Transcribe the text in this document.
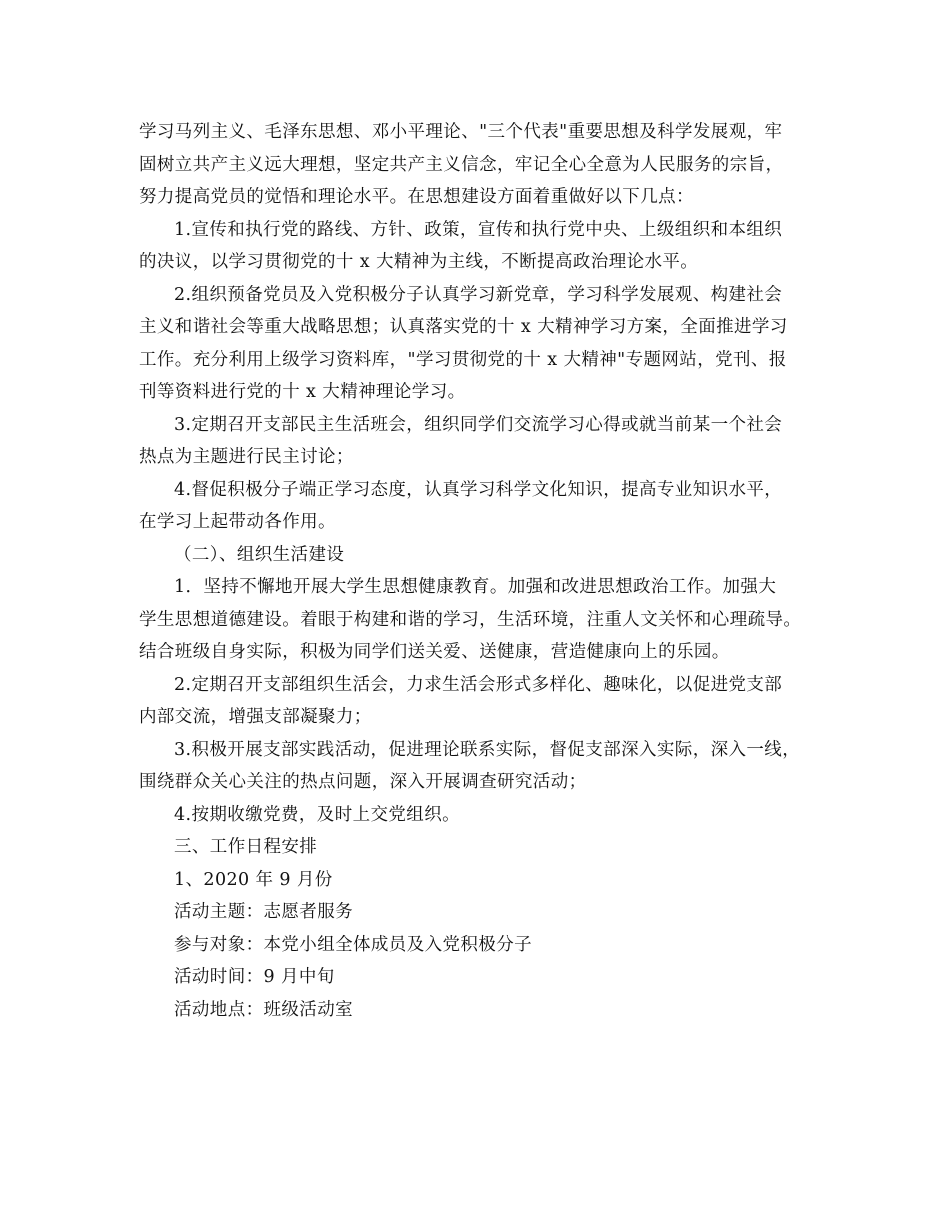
学习马列主义、毛泽东思想、邓小平理论、"三个代表"重要思想及科学发展观，牢
固树立共产主义远大理想，坚定共产主义信念，牢记全心全意为人民服务的宗旨，
努力提高党员的觉悟和理论水平。在思想建设方面着重做好以下几点：
1.宣传和执行党的路线、方针、政策，宣传和执行党中央、上级组织和本组织
的决议，以学习贯彻党的十 x 大精神为主线，不断提高政治理论水平。
2.组织预备党员及入党积极分子认真学习新党章，学习科学发展观、构建社会
主义和谐社会等重大战略思想；认真落实党的十 x 大精神学习方案，全面推进学习
工作。充分利用上级学习资料库，"学习贯彻党的十 x 大精神"专题网站，党刊、报
刊等资料进行党的十 x 大精神理论学习。
3.定期召开支部民主生活班会，组织同学们交流学习心得或就当前某一个社会
热点为主题进行民主讨论；
4.督促积极分子端正学习态度，认真学习科学文化知识，提高专业知识水平，
在学习上起带动各作用。
（二）、组织生活建设
1．坚持不懈地开展大学生思想健康教育。加强和改进思想政治工作。加强大
学生思想道德建设。着眼于构建和谐的学习，生活环境，注重人文关怀和心理疏导。
结合班级自身实际，积极为同学们送关爱、送健康，营造健康向上的乐园。
2.定期召开支部组织生活会，力求生活会形式多样化、趣味化，以促进党支部
内部交流，增强支部凝聚力；
3.积极开展支部实践活动，促进理论联系实际，督促支部深入实际，深入一线，
围绕群众关心关注的热点问题，深入开展调查研究活动；
4.按期收缴党费，及时上交党组织。
三、工作日程安排
1、2020 年 9 月份
活动主题：志愿者服务
参与对象：本党小组全体成员及入党积极分子
活动时间：9 月中旬
活动地点：班级活动室
